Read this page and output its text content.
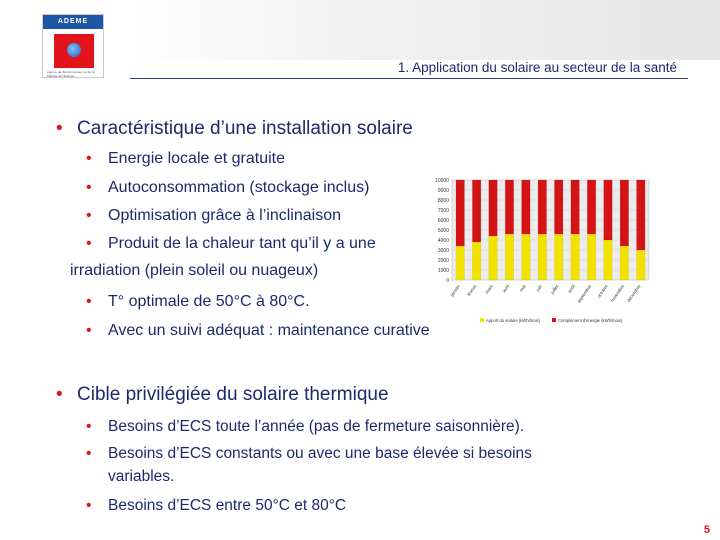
ADEME
Agence de l'Environnement et de la Maîtrise de l'Energie
1. Application du solaire au secteur de la santé
• Caractéristique d’une installation solaire
• Energie locale et gratuite
• Autoconsommation (stockage inclus)
• Optimisation grâce à l’inclinaison
• Produit de la chaleur tant qu’il y a une
irradiation (plein soleil ou nuageux)
• T° optimale de 50°C à 80°C.
• Avec un suivi adéquat : maintenance curative
10000
9000
8000
7000
6000
5000
4000
3000
2000
1000
0
janvier février mars avril mai juin juillet août septembre octobre novembre décembre
Apport du solaire (kWh/mois)	Complément d'énergie (kWh/mois)
• Cible privilégiée du solaire thermique
• Besoins d’ECS toute l’année (pas de fermeture saisonnière).
• Besoins d’ECS constants ou avec une base élevée si besoins
variables.
• Besoins d’ECS entre 50°C et 80°C
5
